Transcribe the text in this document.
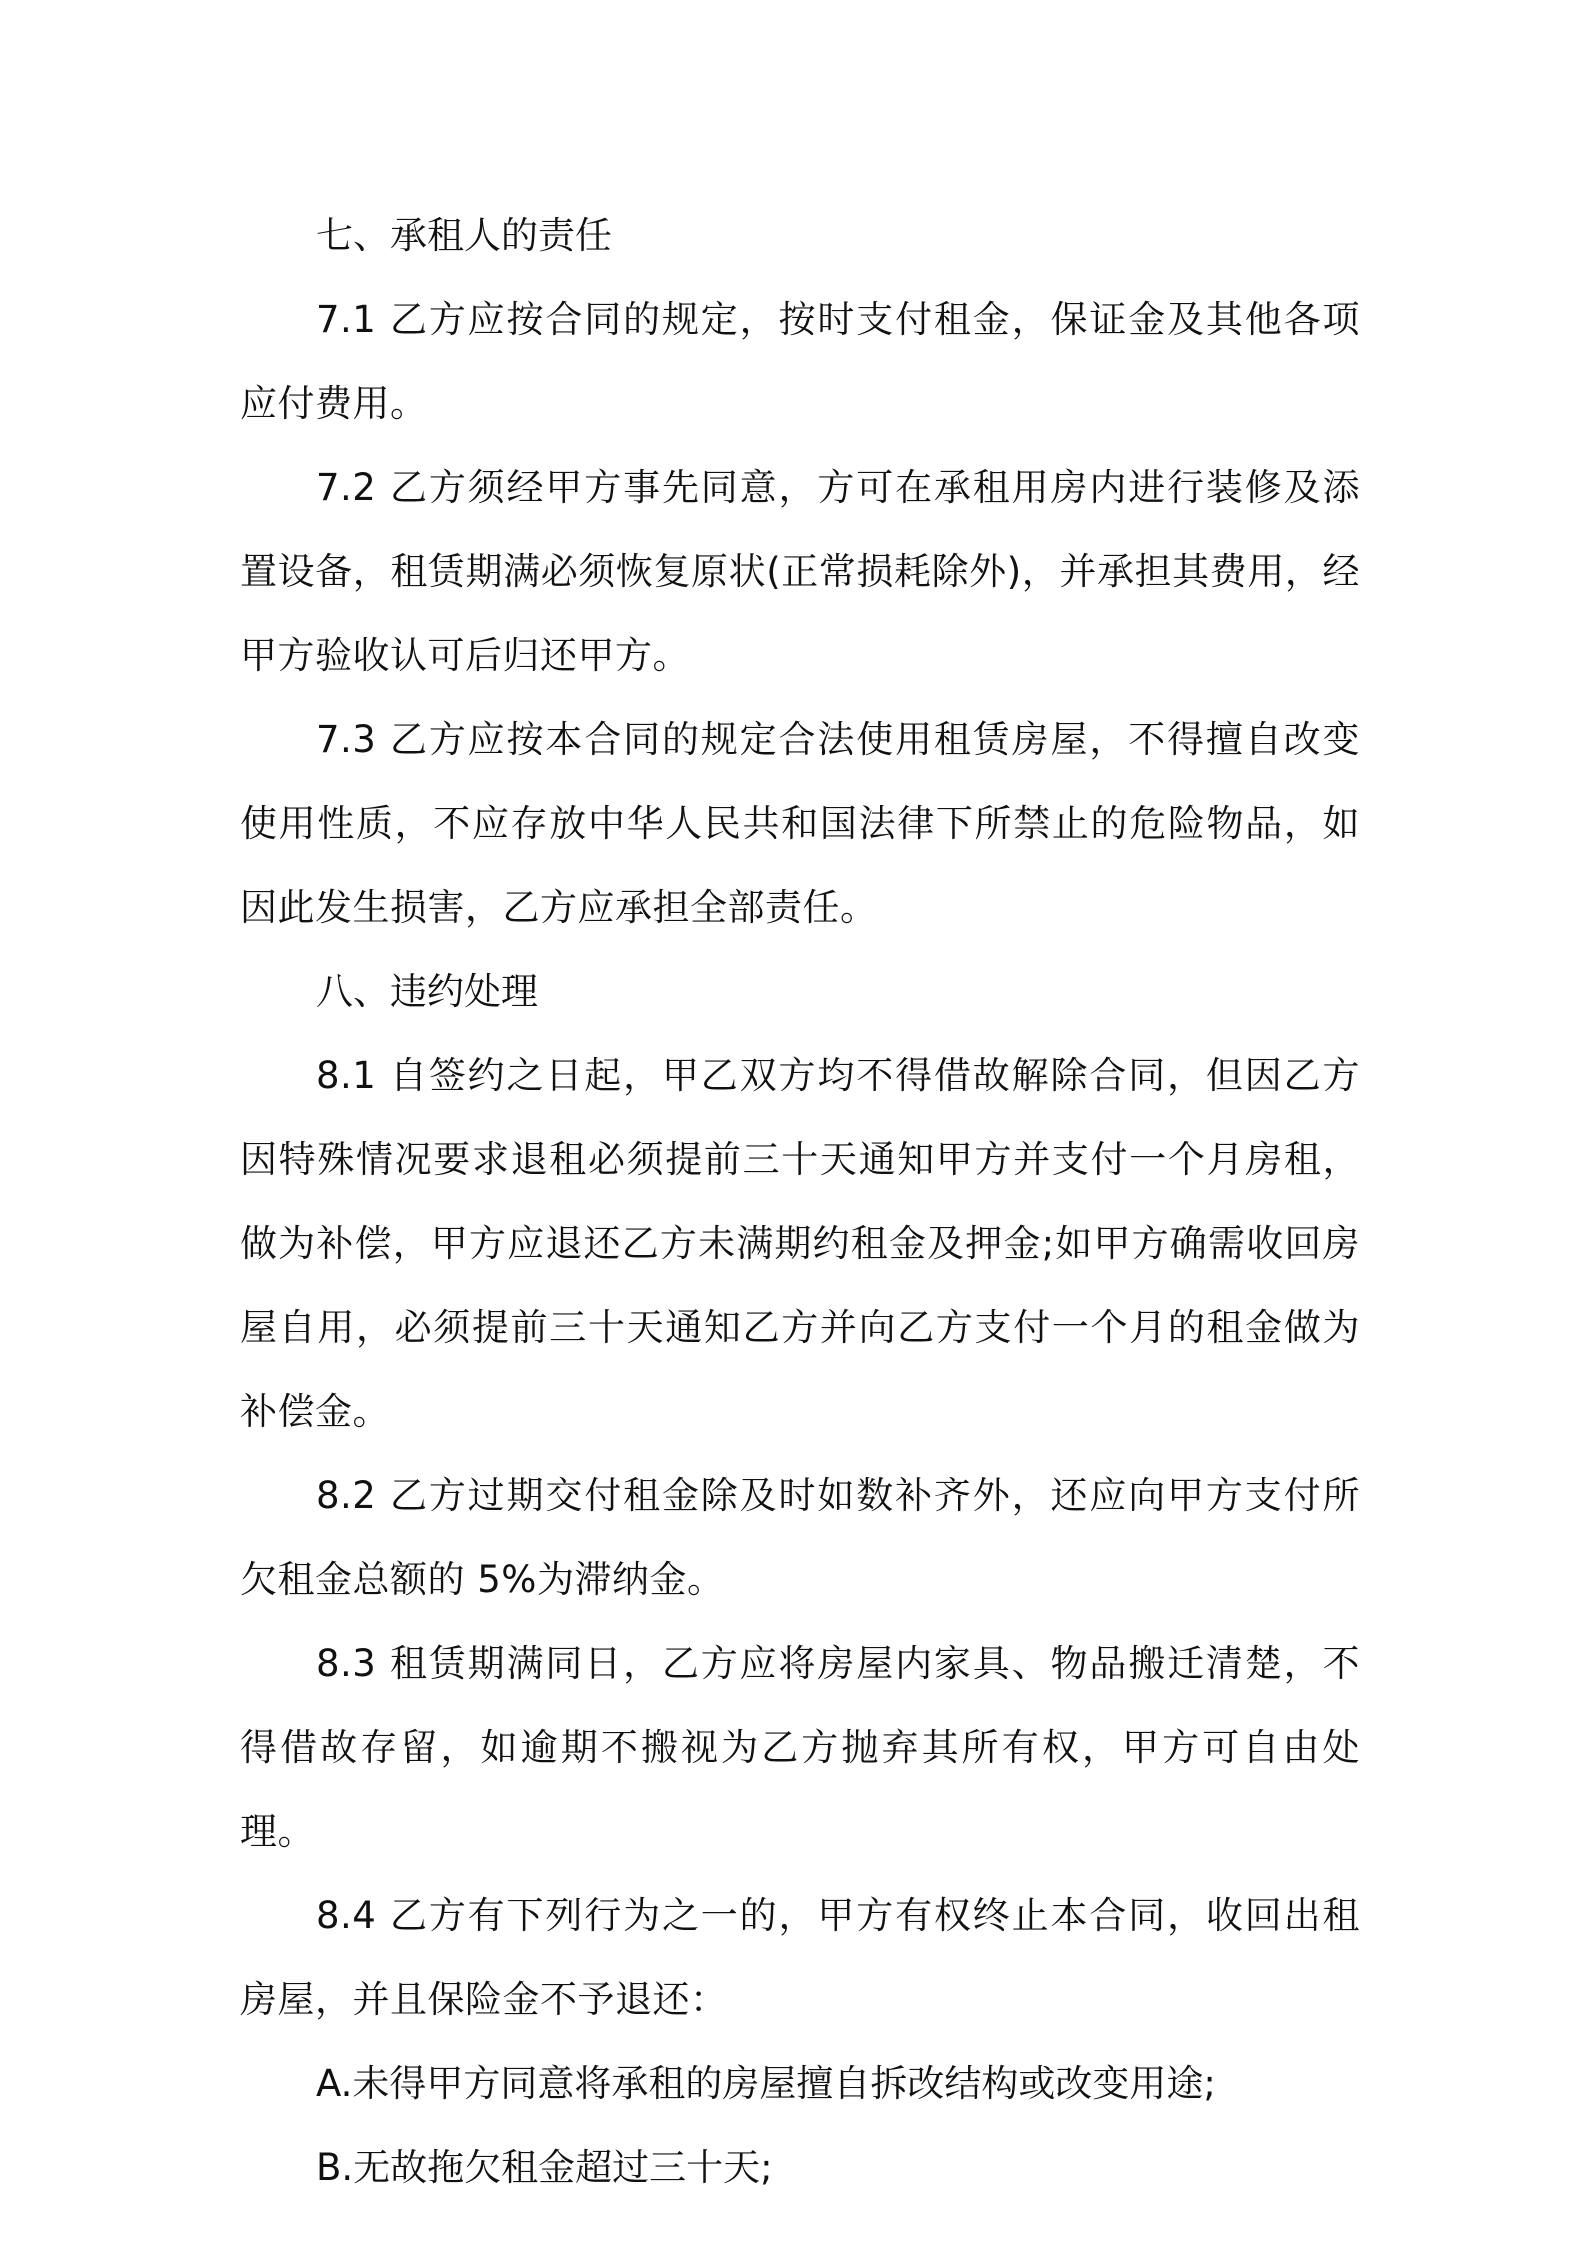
七、承租人的责任

7.1 乙方应按合同的规定，按时支付租金，保证金及其他各项应付费用。

7.2 乙方须经甲方事先同意，方可在承租用房内进行装修及添置设备，租赁期满必须恢复原状(正常损耗除外)，并承担其费用，经甲方验收认可后归还甲方。

7.3 乙方应按本合同的规定合法使用租赁房屋，不得擅自改变使用性质，不应存放中华人民共和国法律下所禁止的危险物品，如因此发生损害，乙方应承担全部责任。

八、违约处理

8.1 自签约之日起，甲乙双方均不得借故解除合同，但因乙方因特殊情况要求退租必须提前三十天通知甲方并支付一个月房租，做为补偿，甲方应退还乙方未满期约租金及押金;如甲方确需收回房屋自用，必须提前三十天通知乙方并向乙方支付一个月的租金做为补偿金。

8.2 乙方过期交付租金除及时如数补齐外，还应向甲方支付所欠租金总额的 5%为滞纳金。

8.3 租赁期满同日，乙方应将房屋内家具、物品搬迁清楚，不得借故存留，如逾期不搬视为乙方抛弃其所有权，甲方可自由处理。

8.4 乙方有下列行为之一的，甲方有权终止本合同，收回出租房屋，并且保险金不予退还：

A.未得甲方同意将承租的房屋擅自拆改结构或改变用途;

B.无故拖欠租金超过三十天;
